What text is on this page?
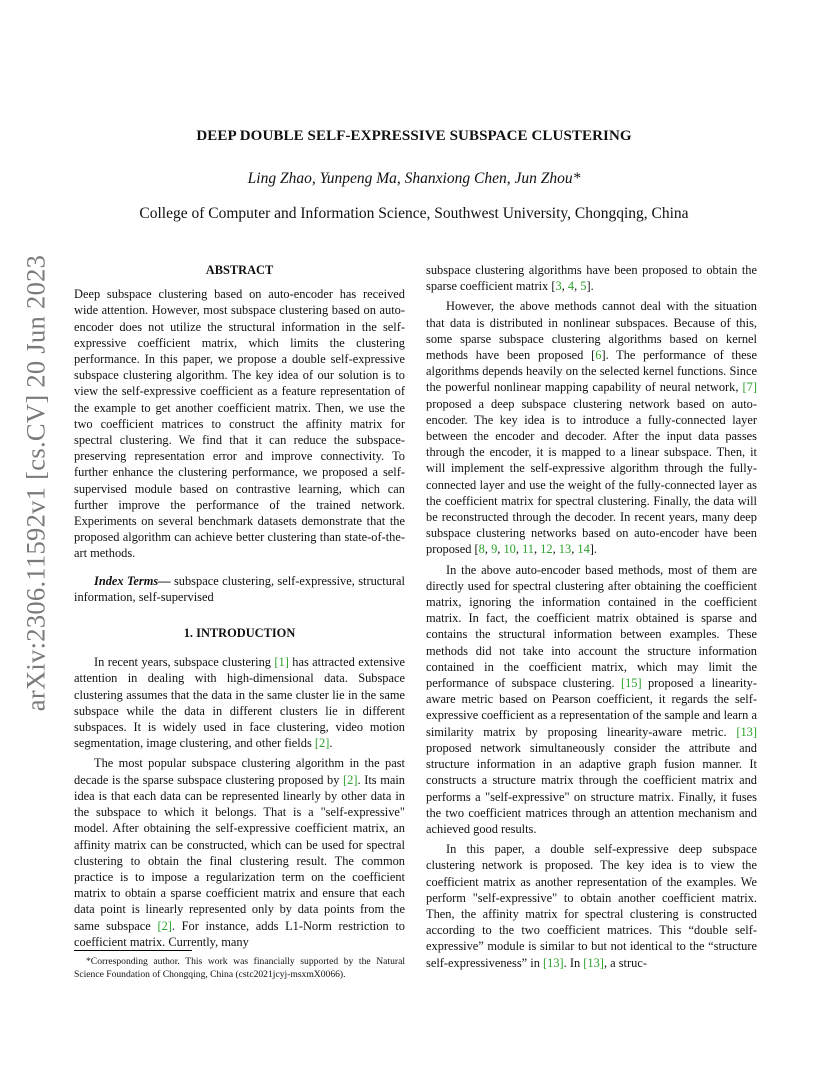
arXiv:2306.11592v1 [cs.CV] 20 Jun 2023
DEEP DOUBLE SELF-EXPRESSIVE SUBSPACE CLUSTERING
Ling Zhao, Yunpeng Ma, Shanxiong Chen, Jun Zhou*
College of Computer and Information Science, Southwest University, Chongqing, China
ABSTRACT

Deep subspace clustering based on auto-encoder has received wide attention. However, most subspace clustering based on auto-encoder does not utilize the structural information in the self-expressive coefficient matrix, which limits the clustering performance. In this paper, we propose a double self-expressive subspace clustering algorithm. The key idea of our solution is to view the self-expressive coefficient as a feature representation of the example to get another coefficient matrix. Then, we use the two coefficient matrices to construct the affinity matrix for spectral clustering. We find that it can reduce the subspace-preserving representation error and improve connectivity. To further enhance the clustering performance, we proposed a self-supervised module based on contrastive learning, which can further improve the performance of the trained network. Experiments on several benchmark datasets demonstrate that the proposed algorithm can achieve better clustering than state-of-the-art methods.

Index Terms— subspace clustering, self-expressive, structural information, self-supervised

1. INTRODUCTION

In recent years, subspace clustering [1] has attracted extensive attention in dealing with high-dimensional data. Subspace clustering assumes that the data in the same cluster lie in the same subspace while the data in different clusters lie in different subspaces. It is widely used in face clustering, video motion segmentation, image clustering, and other fields [2].

The most popular subspace clustering algorithm in the past decade is the sparse subspace clustering proposed by [2]. Its main idea is that each data can be represented linearly by other data in the subspace to which it belongs. That is a "self-expressive" model. After obtaining the self-expressive coefficient matrix, an affinity matrix can be constructed, which can be used for spectral clustering to obtain the final clustering result. The common practice is to impose a regularization term on the coefficient matrix to obtain a sparse coefficient matrix and ensure that each data point is linearly represented only by data points from the same subspace [2]. For instance, adds L1-Norm restriction to coefficient matrix. Currently, many

subspace clustering algorithms have been proposed to obtain the sparse coefficient matrix [3, 4, 5].

However, the above methods cannot deal with the situation that data is distributed in nonlinear subspaces. Because of this, some sparse subspace clustering algorithms based on kernel methods have been proposed [6]. The performance of these algorithms depends heavily on the selected kernel functions. Since the powerful nonlinear mapping capability of neural network, [7] proposed a deep subspace clustering network based on auto-encoder. The key idea is to introduce a fully-connected layer between the encoder and decoder. After the input data passes through the encoder, it is mapped to a linear subspace. Then, it will implement the self-expressive algorithm through the fully-connected layer and use the weight of the fully-connected layer as the coefficient matrix for spectral clustering. Finally, the data will be reconstructed through the decoder. In recent years, many deep subspace clustering networks based on auto-encoder have been proposed [8, 9, 10, 11, 12, 13, 14].

In the above auto-encoder based methods, most of them are directly used for spectral clustering after obtaining the coefficient matrix, ignoring the information contained in the coefficient matrix. In fact, the coefficient matrix obtained is sparse and contains the structural information between examples. These methods did not take into account the structure information contained in the coefficient matrix, which may limit the performance of subspace clustering. [15] proposed a linearity-aware metric based on Pearson coefficient, it regards the self-expressive coefficient as a representation of the sample and learn a similarity matrix by proposing linearity-aware metric. [13] proposed network simultaneously consider the attribute and structure information in an adaptive graph fusion manner. It constructs a structure matrix through the coefficient matrix and performs a "self-expressive" on structure matrix. Finally, it fuses the two coefficient matrices through an attention mechanism and achieved good results.

In this paper, a double self-expressive deep subspace clustering network is proposed. The key idea is to view the coefficient matrix as another representation of the examples. We perform "self-expressive" to obtain another coefficient matrix. Then, the affinity matrix for spectral clustering is constructed according to the two coefficient matrices. This “double self-expressive” module is similar to but not identical to the “structure self-expressiveness” in [13]. In [13], a struc-

*Corresponding author. This work was financially supported by the Natural Science Foundation of Chongqing, China (cstc2021jcyj-msxmX0066).
